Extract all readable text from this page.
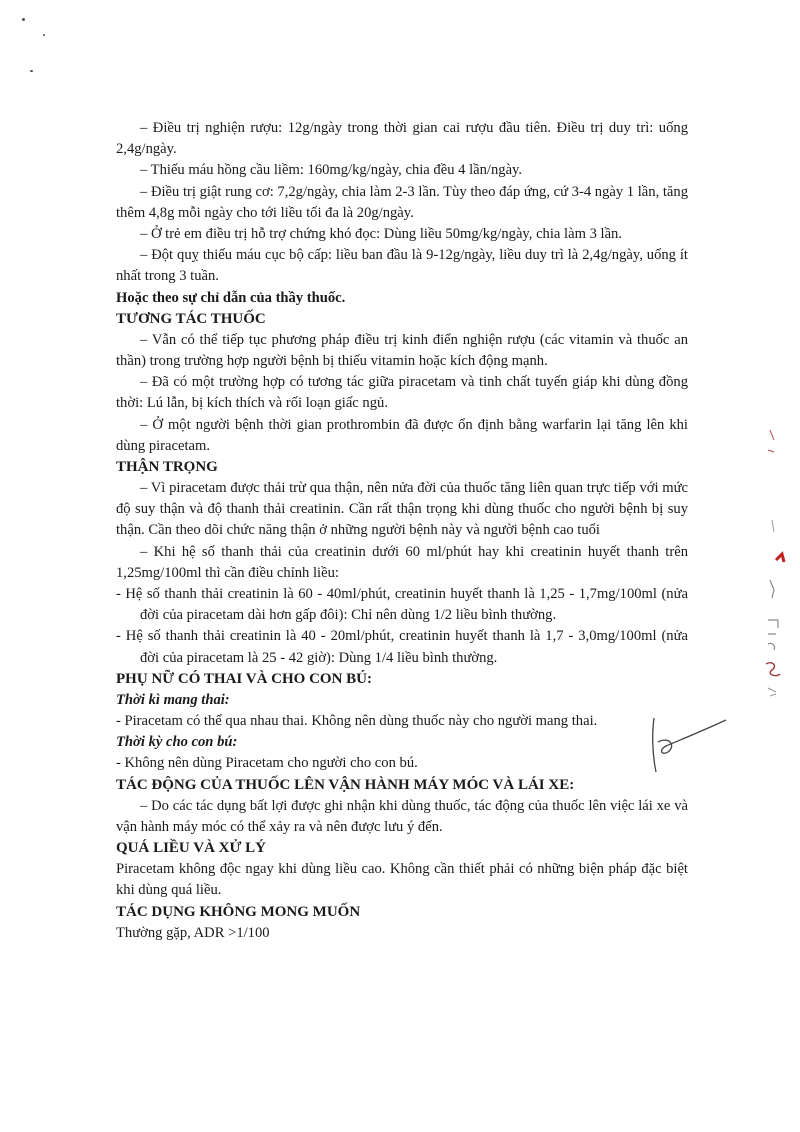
– Điều trị nghiện rượu: 12g/ngày trong thời gian cai rượu đầu tiên. Điều trị duy trì: uống 2,4g/ngày.

– Thiếu máu hồng cầu liềm: 160mg/kg/ngày, chia đều 4 lần/ngày.

– Điều trị giật rung cơ: 7,2g/ngày, chia làm 2-3 lần. Tùy theo đáp ứng, cứ 3-4 ngày 1 lần, tăng thêm 4,8g mỗi ngày cho tới liều tối đa là 20g/ngày.

– Ở trẻ em điều trị hỗ trợ chứng khó đọc: Dùng liều 50mg/kg/ngày, chia làm 3 lần.

– Đột quỵ thiếu máu cục bộ cấp: liều ban đầu là 9-12g/ngày, liều duy trì là 2,4g/ngày, uống ít nhất trong 3 tuần.

Hoặc theo sự chỉ dẫn của thầy thuốc.

TƯƠNG TÁC THUỐC

– Vẫn có thể tiếp tục phương pháp điều trị kinh điển nghiện rượu (các vitamin và thuốc an thần) trong trường hợp người bệnh bị thiếu vitamin hoặc kích động mạnh.

– Đã có một trường hợp có tương tác giữa piracetam và tinh chất tuyến giáp khi dùng đồng thời: Lú lẫn, bị kích thích và rối loạn giấc ngủ.

– Ở một người bệnh thời gian prothrombin đã được ổn định bằng warfarin lại tăng lên khi dùng piracetam.

THẬN TRỌNG

– Vì piracetam được thải trừ qua thận, nên nửa đời của thuốc tăng liên quan trực tiếp với mức độ suy thận và độ thanh thải creatinin. Cần rất thận trọng khi dùng thuốc cho người bệnh bị suy thận. Cần theo dõi chức năng thận ở những người bệnh này và người bệnh cao tuổi

– Khi hệ số thanh thải của creatinin dưới 60 ml/phút hay khi creatinin huyết thanh trên 1,25mg/100ml thì cần điều chỉnh liều:

- Hệ số thanh thải creatinin là 60 - 40ml/phút, creatinin huyết thanh là 1,25 - 1,7mg/100ml (nửa đời của piracetam dài hơn gấp đôi): Chỉ nên dùng 1/2 liều bình thường.

- Hệ số thanh thải creatinin là 40 - 20ml/phút, creatinin huyết thanh là 1,7 - 3,0mg/100ml (nửa đời của piracetam là 25 - 42 giờ): Dùng 1/4 liều bình thường.

PHỤ NỮ CÓ THAI VÀ CHO CON BÚ:

Thời kì mang thai:

- Piracetam có thể qua nhau thai. Không nên dùng thuốc này cho người mang thai.

Thời kỳ cho con bú:

- Không nên dùng Piracetam cho người cho con bú.

TÁC ĐỘNG CỦA THUỐC LÊN VẬN HÀNH MÁY MÓC VÀ LÁI XE:

– Do các tác dụng bất lợi được ghi nhận khi dùng thuốc, tác động của thuốc lên việc lái xe và vận hành máy móc có thể xảy ra và nên được lưu ý đến.

QUÁ LIỀU VÀ XỬ LÝ

Piracetam không độc ngay khi dùng liều cao. Không cần thiết phải có những biện pháp đặc biệt khi dùng quá liều.

TÁC DỤNG KHÔNG MONG MUỐN

Thường gặp, ADR >1/100
